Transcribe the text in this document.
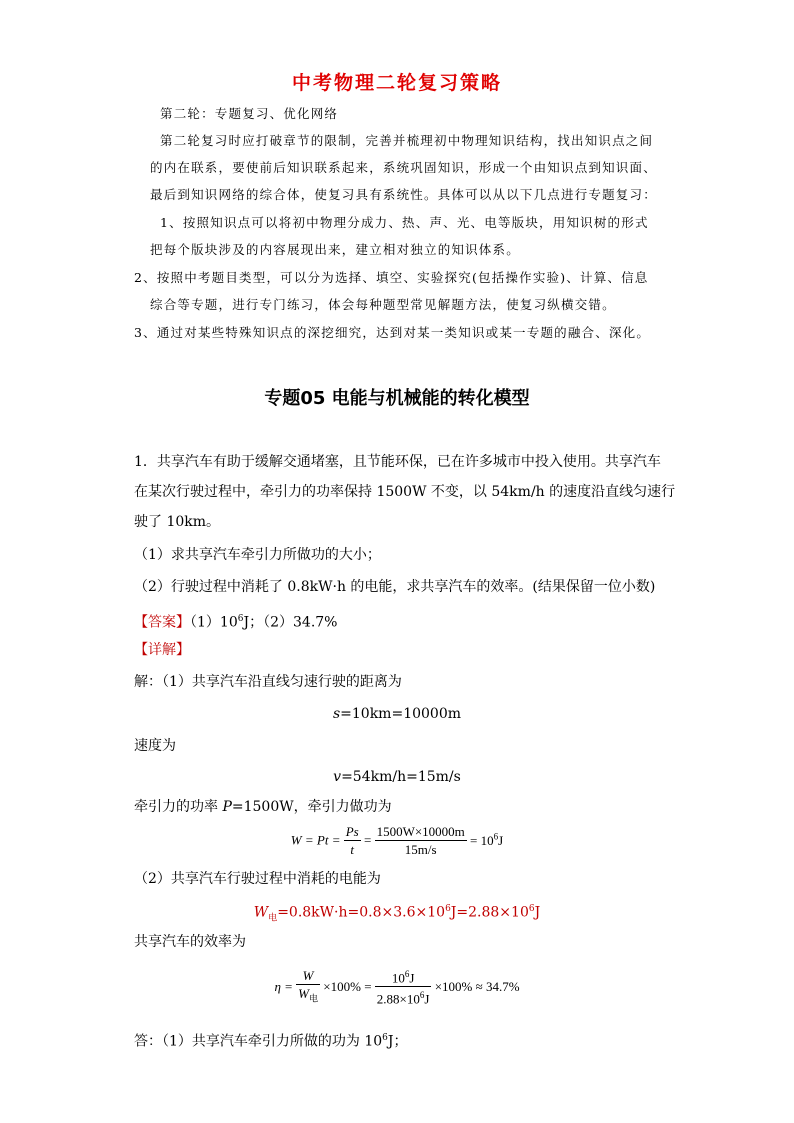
中考物理二轮复习策略
第二轮：专题复习、优化网络
第二轮复习时应打破章节的限制，完善并梳理初中物理知识结构，找出知识点之间
的内在联系，要使前后知识联系起来，系统巩固知识，形成一个由知识点到知识面、
最后到知识网络的综合体，使复习具有系统性。具体可以从以下几点进行专题复习：
1、按照知识点可以将初中物理分成力、热、声、光、电等版块，用知识树的形式
把每个版块涉及的内容展现出来，建立相对独立的知识体系。
2、按照中考题目类型，可以分为选择、填空、实验探究(包括操作实验)、计算、信息
综合等专题，进行专门练习，体会每种题型常见解题方法，使复习纵横交错。
3、通过对某些特殊知识点的深挖细究，达到对某一类知识或某一专题的融合、深化。
专题05 电能与机械能的转化模型
1．共享汽车有助于缓解交通堵塞，且节能环保，已在许多城市中投入使用。共享汽车
在某次行驶过程中，牵引力的功率保持 1500W 不变，以 54km/h 的速度沿直线匀速行
驶了 10km。
（1）求共享汽车牵引力所做功的大小；
（2）行驶过程中消耗了 0.8kW·h 的电能，求共享汽车的效率。(结果保留一位小数)
【答案】$(1)10^6J$；（2）34.7%
【详解】
解：（1）共享汽车沿直线匀速行驶的距离为
s=10km=10000m
速度为
v=54km/h=15m/s
牵引力的功率 P=1500W，牵引力做功为
$W = Pt = \frac{Ps}{t} = \frac{1500W\times 10000m}{15m/s} = 10^6J$
（2）共享汽车行驶过程中消耗的电能为
$W_电=0.8kW\cdot h=0.8\times 3.6\times 10^6J=2.88\times 10^6J$
共享汽车的效率为
$\eta = \frac{W}{W_电} \times 100\% = \frac{10^6J}{2.88\times 10^6J} \times 100\% \approx 34.7\%$
答：（1）共享汽车牵引力所做的功为 $10^6J$；
